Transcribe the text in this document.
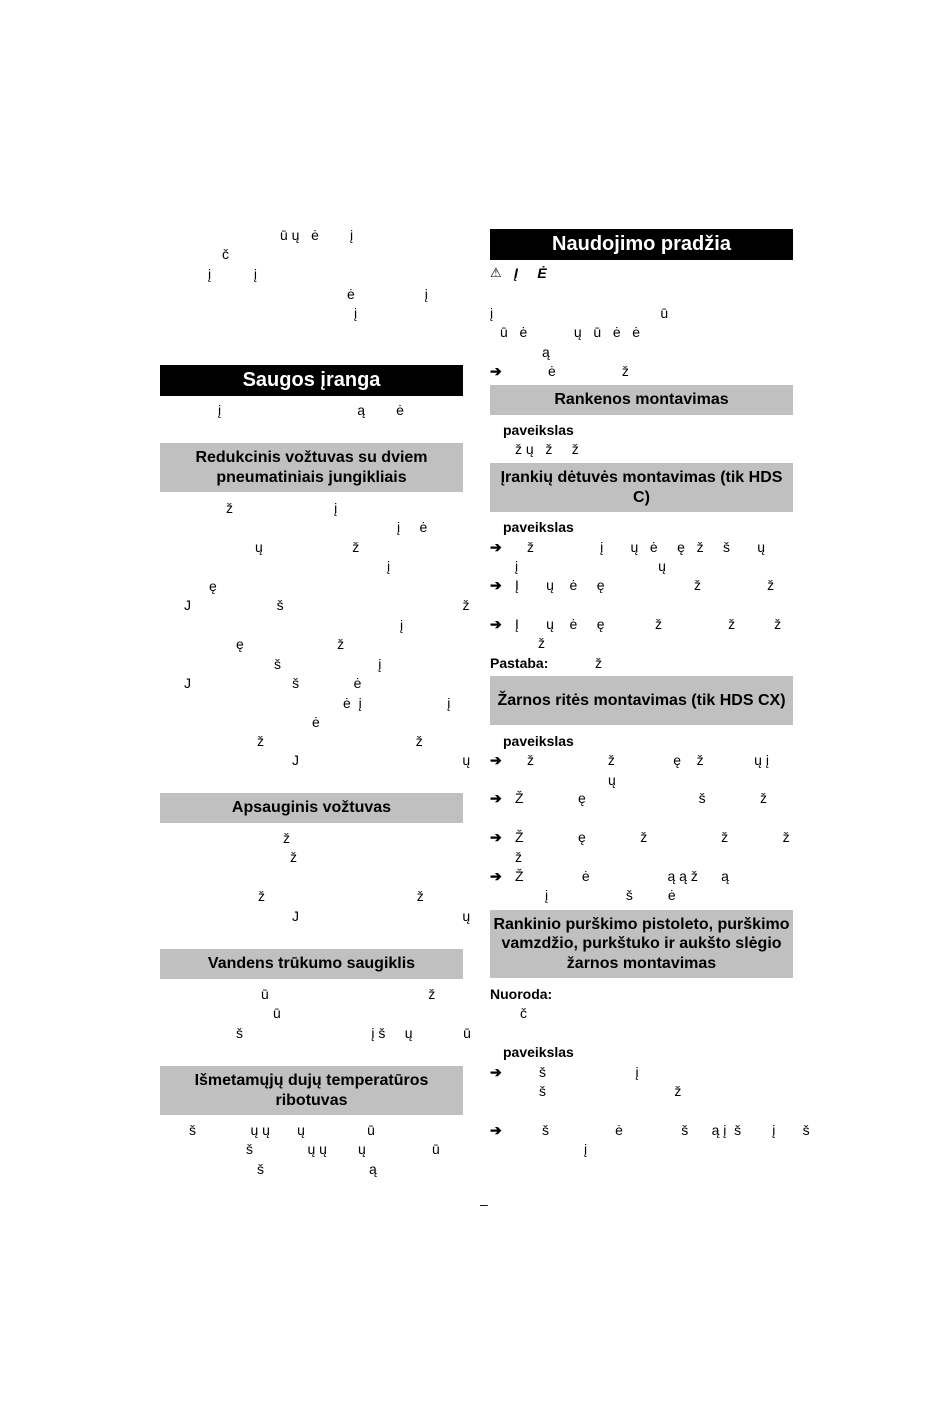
ū ų   ė        į
č
į           į
ė                  į
į
Saugos įranga
į                                   ą        ė
Redukcinis vožtuvas su dviem pneumatiniais jungikliais
ž                          į
į     ė
ų                       ž
į
ę
J                      š                                              ž
į
ę                        ž
š                         į
J                          š              ė
ė  į                      į
ė
ž                                       ž
J                                          ų
Apsauginis vožtuvas
ž
ž
ž                                       ž
J                                          ų
Vandens trūkumo saugiklis
ū                                         ž
ū
š                                 į š     ų             ū
Išmetamųjų dujų temperatūros ribotuvas
š              ų ų       ų                ū
š              ų ų        ų                 ū
š                           ą
Naudojimo pradžia
⚠ Į     Ė
į                                           ū
ū   ė            ų   ū   ė   ė
ą
➔	ė                 ž
Rankenos montavimas
paveikslas
ž ų   ž     ž
Įrankių dėtuvės montavimas (tik HDS C)
paveikslas
➔ ž                 į       ų   ė     ę   ž     š       ų
➔ Į       ų    ė     ę                       ž                 ž
➔ Į       ų    ė     ę             ž                 ž          ž
į                                    ų
ž
Pastaba:	ž
Žarnos ritės montavimas (tik HDS CX)
paveikslas
➔ ž                   ž               ę    ž             ų į
➔ Ž              ę                             š              ž
➔ Ž              ę              ž                   ž              ž
➔ Ž               ė                    ą ą ž      ą
ų
ž
į                    š         ė
Rankinio purškimo pistoleto, purškimo vamzdžio, purkštuko ir aukšto slėgio žarnos montavimas
Nuoroda:
č
paveikslas
➔	š                       į
➔	š                 ė               š      ą į  š        į       š
š                                 ž
į
–
